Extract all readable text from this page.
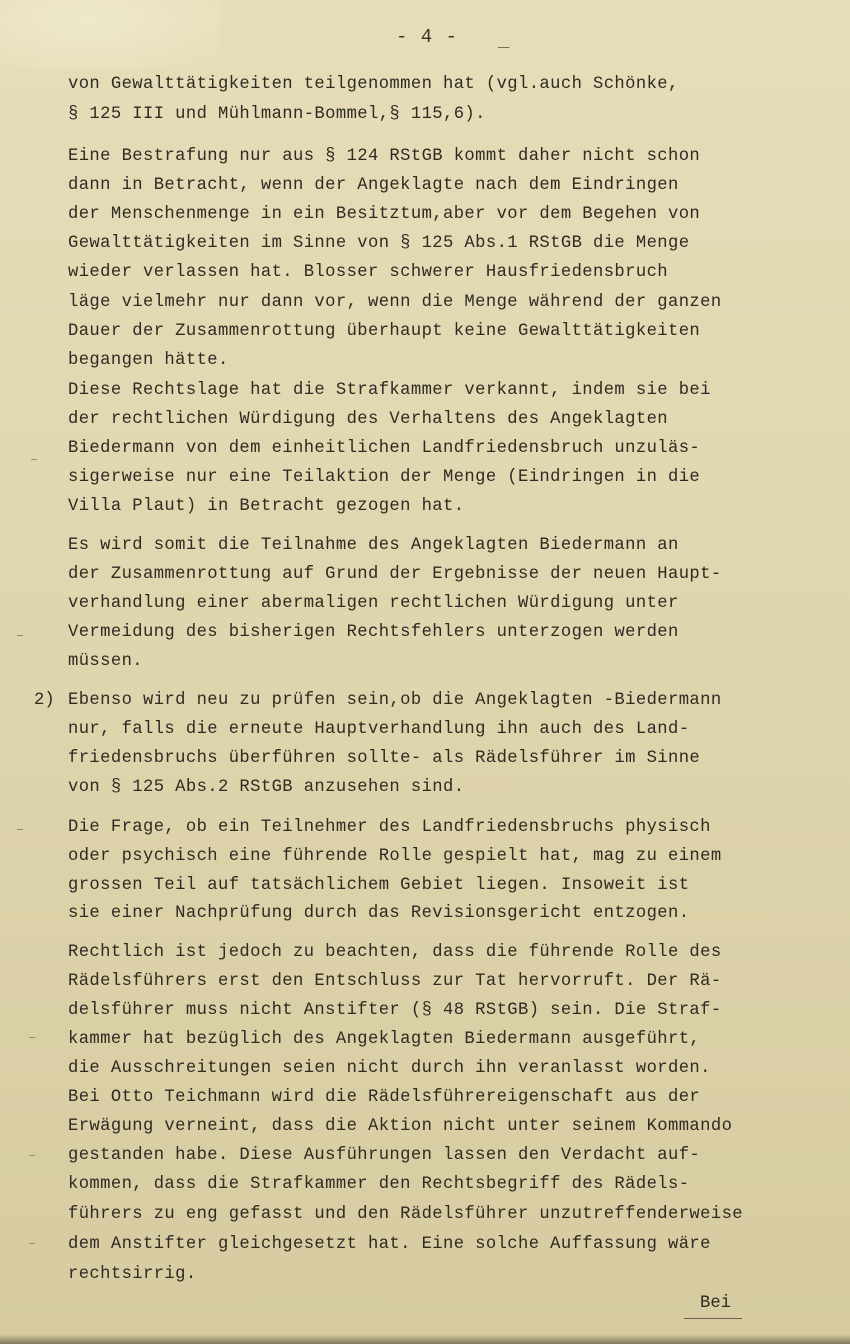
- 4 - _
von Gewalttätigkeiten teilgenommen hat (vgl.auch Schönke,
§ 125 III und Mühlmann-Bommel,§ 115,6).
Eine Bestrafung nur aus § 124 RStGB kommt daher nicht schon
dann in Betracht, wenn der Angeklagte nach dem Eindringen
der Menschenmenge in ein Besitztum,aber vor dem Begehen von
Gewalttätigkeiten im Sinne von § 125 Abs.1 RStGB die Menge
wieder verlassen hat. Blosser schwerer Hausfriedensbruch
läge vielmehr nur dann vor, wenn die Menge während der ganzen
Dauer der Zusammenrottung überhaupt keine Gewalttätigkeiten
begangen hätte.
Diese Rechtslage hat die Strafkammer verkannt, indem sie bei
der rechtlichen Würdigung des Verhaltens des Angeklagten
Biedermann von dem einheitlichen Landfriedensbruch unzuläs-
sigerweise nur eine Teilaktion der Menge (Eindringen in die
Villa Plaut) in Betracht gezogen hat.
Es wird somit die Teilnahme des Angeklagten Biedermann an
der Zusammenrottung auf Grund der Ergebnisse der neuen Haupt-
verhandlung einer abermaligen rechtlichen Würdigung unter
Vermeidung des bisherigen Rechtsfehlers unterzogen werden
müssen.
2) Ebenso wird neu zu prüfen sein,ob die Angeklagten -Biedermann
nur, falls die erneute Hauptverhandlung ihn auch des Land-
friedensbruchs überführen sollte- als Rädelsführer im Sinne
von § 125 Abs.2 RStGB anzusehen sind.
Die Frage, ob ein Teilnehmer des Landfriedensbruchs physisch
oder psychisch eine führende Rolle gespielt hat, mag zu einem
grossen Teil auf tatsächlichem Gebiet liegen. Insoweit ist
sie einer Nachprüfung durch das Revisionsgericht entzogen.
Rechtlich ist jedoch zu beachten, dass die führende Rolle des
Rädelsführers erst den Entschluss zur Tat hervorruft. Der Rä-
delsführer muss nicht Anstifter (§ 48 RStGB) sein. Die Straf-
kammer hat bezüglich des Angeklagten Biedermann ausgeführt,
die Ausschreitungen seien nicht durch ihn veranlasst worden.
Bei Otto Teichmann wird die Rädelsführereigenschaft aus der
Erwägung verneint, dass die Aktion nicht unter seinem Kommando
gestanden habe. Diese Ausführungen lassen den Verdacht auf-
kommen, dass die Strafkammer den Rechtsbegriff des Rädels-
führers zu eng gefasst und den Rädelsführer unzutreffenderweise
dem Anstifter gleichgesetzt hat. Eine solche Auffassung wäre
rechtsirrig.
–
–
–
–
–
–
Bei
